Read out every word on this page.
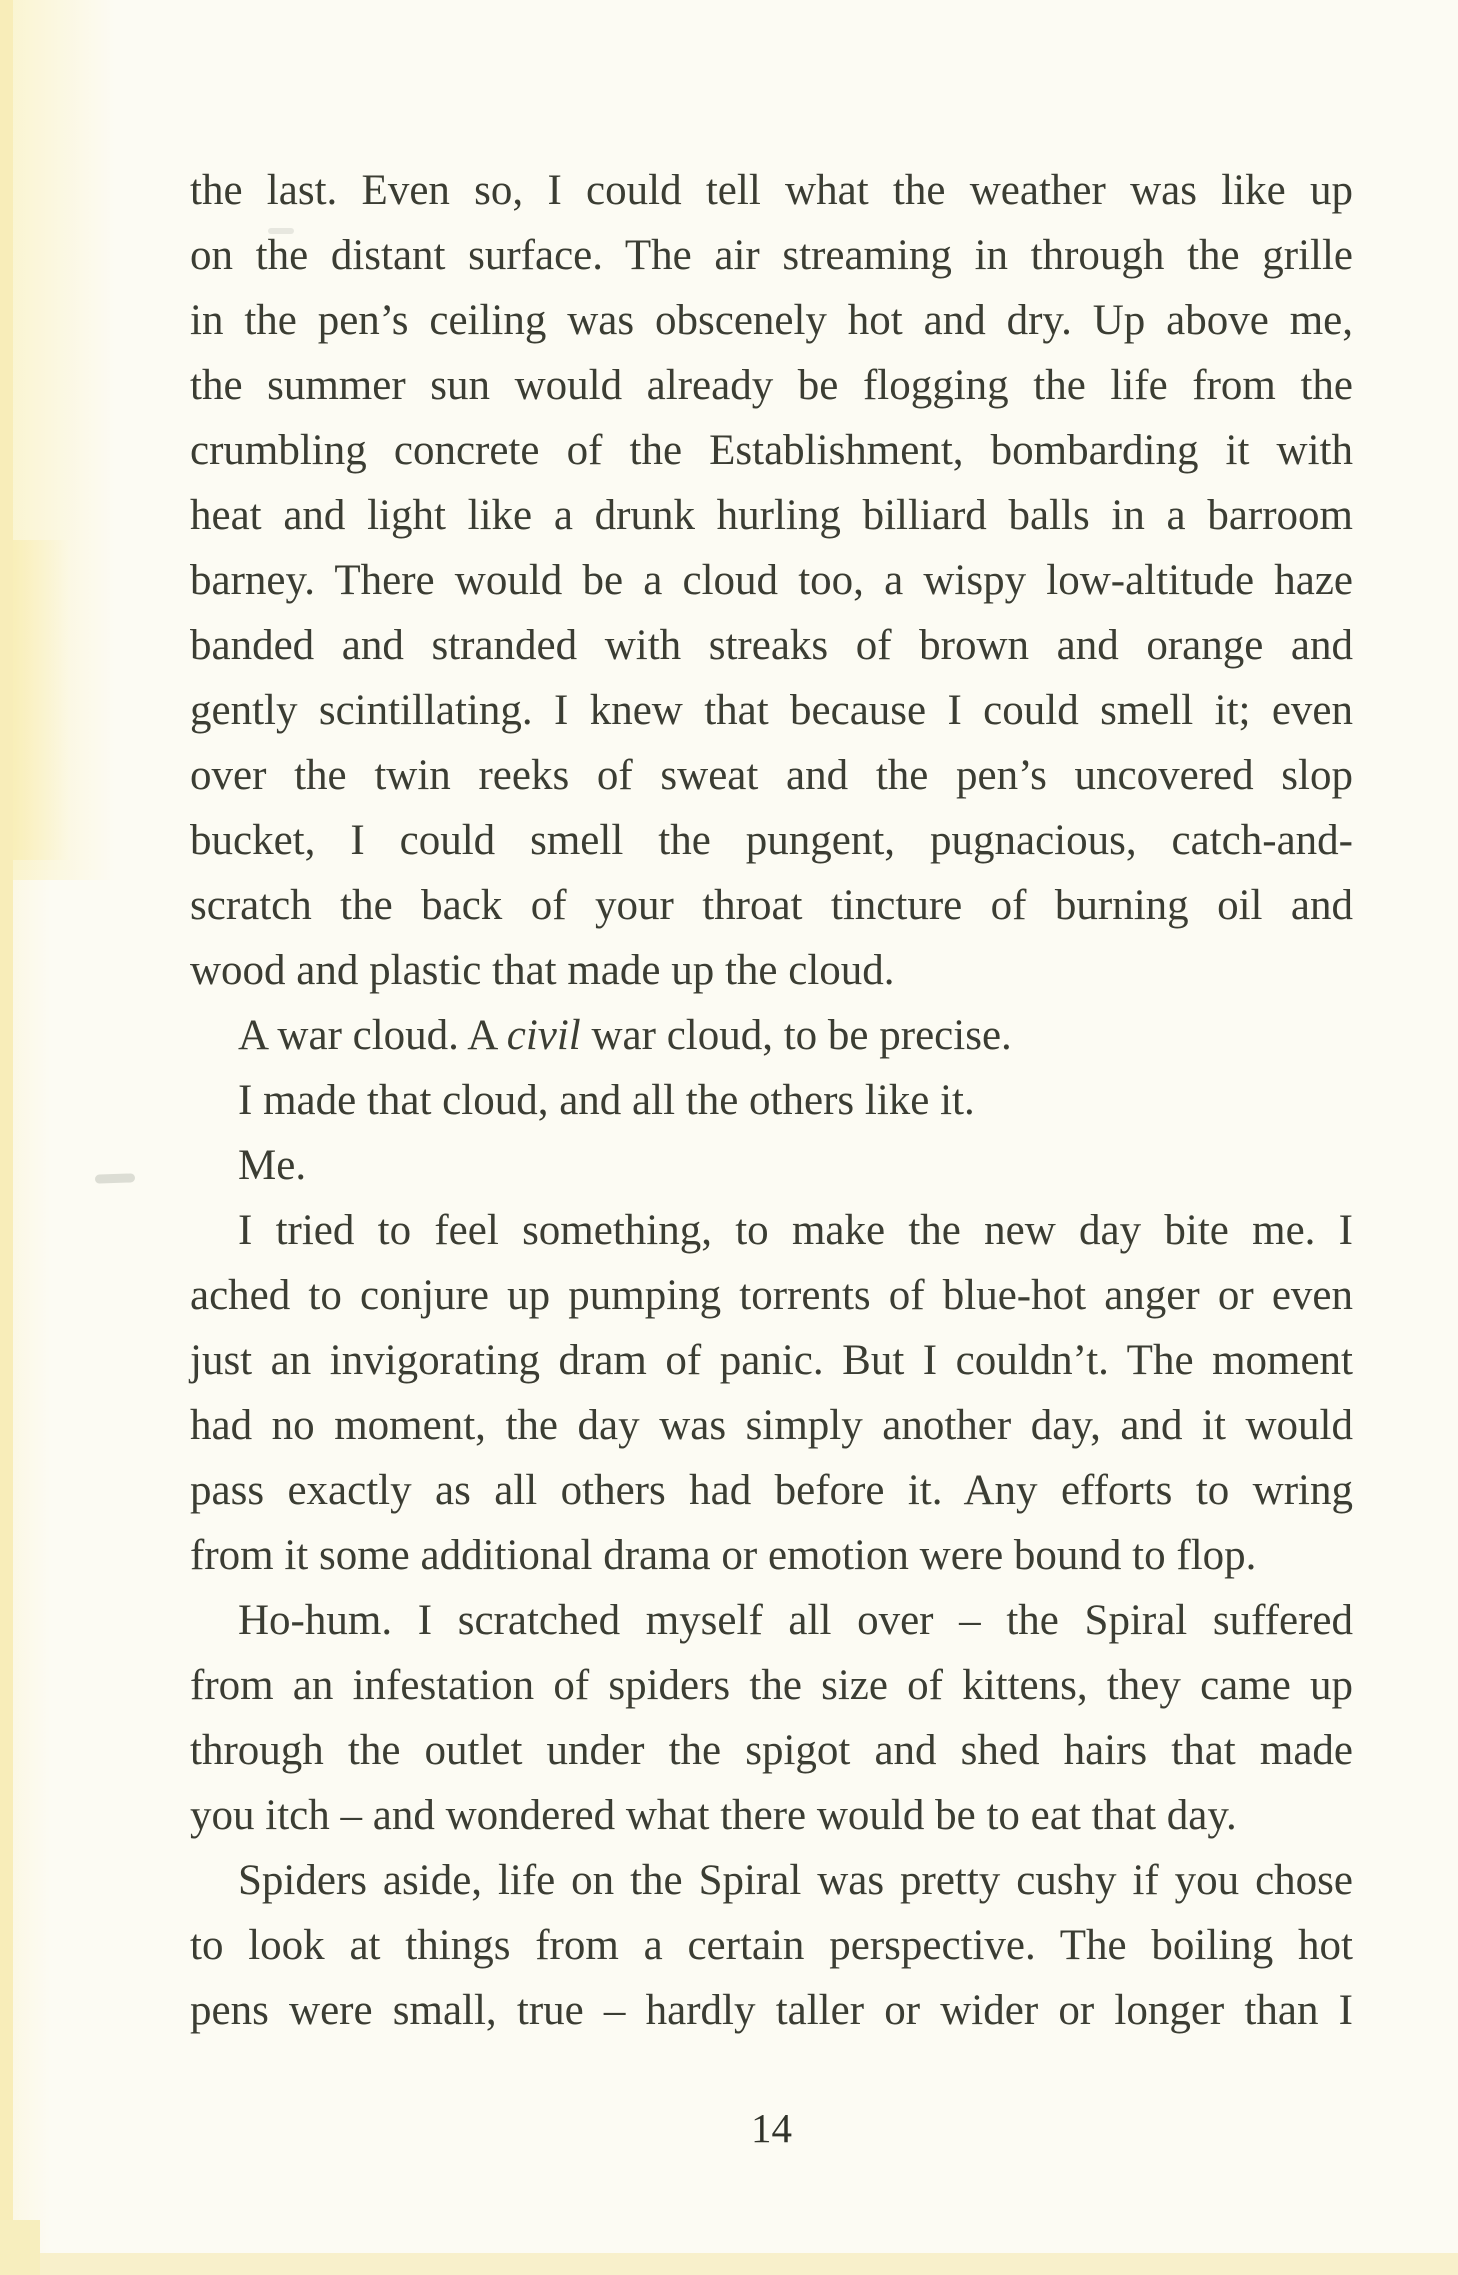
the last. Even so, I could tell what the weather was like up
on the distant surface. The air streaming in through the grille
in the pen’s ceiling was obscenely hot and dry. Up above me,
the summer sun would already be flogging the life from the
crumbling concrete of the Establishment, bombarding it with
heat and light like a drunk hurling billiard balls in a barroom
barney. There would be a cloud too, a wispy low-altitude haze
banded and stranded with streaks of brown and orange and
gently scintillating. I knew that because I could smell it; even
over the twin reeks of sweat and the pen’s uncovered slop
bucket, I could smell the pungent, pugnacious, catch-and-
scratch the back of your throat tincture of burning oil and
wood and plastic that made up the cloud.
A war cloud. A civil war cloud, to be precise.
I made that cloud, and all the others like it.
Me.
I tried to feel something, to make the new day bite me. I
ached to conjure up pumping torrents of blue-hot anger or even
just an invigorating dram of panic. But I couldn’t. The moment
had no moment, the day was simply another day, and it would
pass exactly as all others had before it. Any efforts to wring
from it some additional drama or emotion were bound to flop.
Ho-hum. I scratched myself all over – the Spiral suffered
from an infestation of spiders the size of kittens, they came up
through the outlet under the spigot and shed hairs that made
you itch – and wondered what there would be to eat that day.
Spiders aside, life on the Spiral was pretty cushy if you chose
to look at things from a certain perspective. The boiling hot
pens were small, true – hardly taller or wider or longer than I
14
